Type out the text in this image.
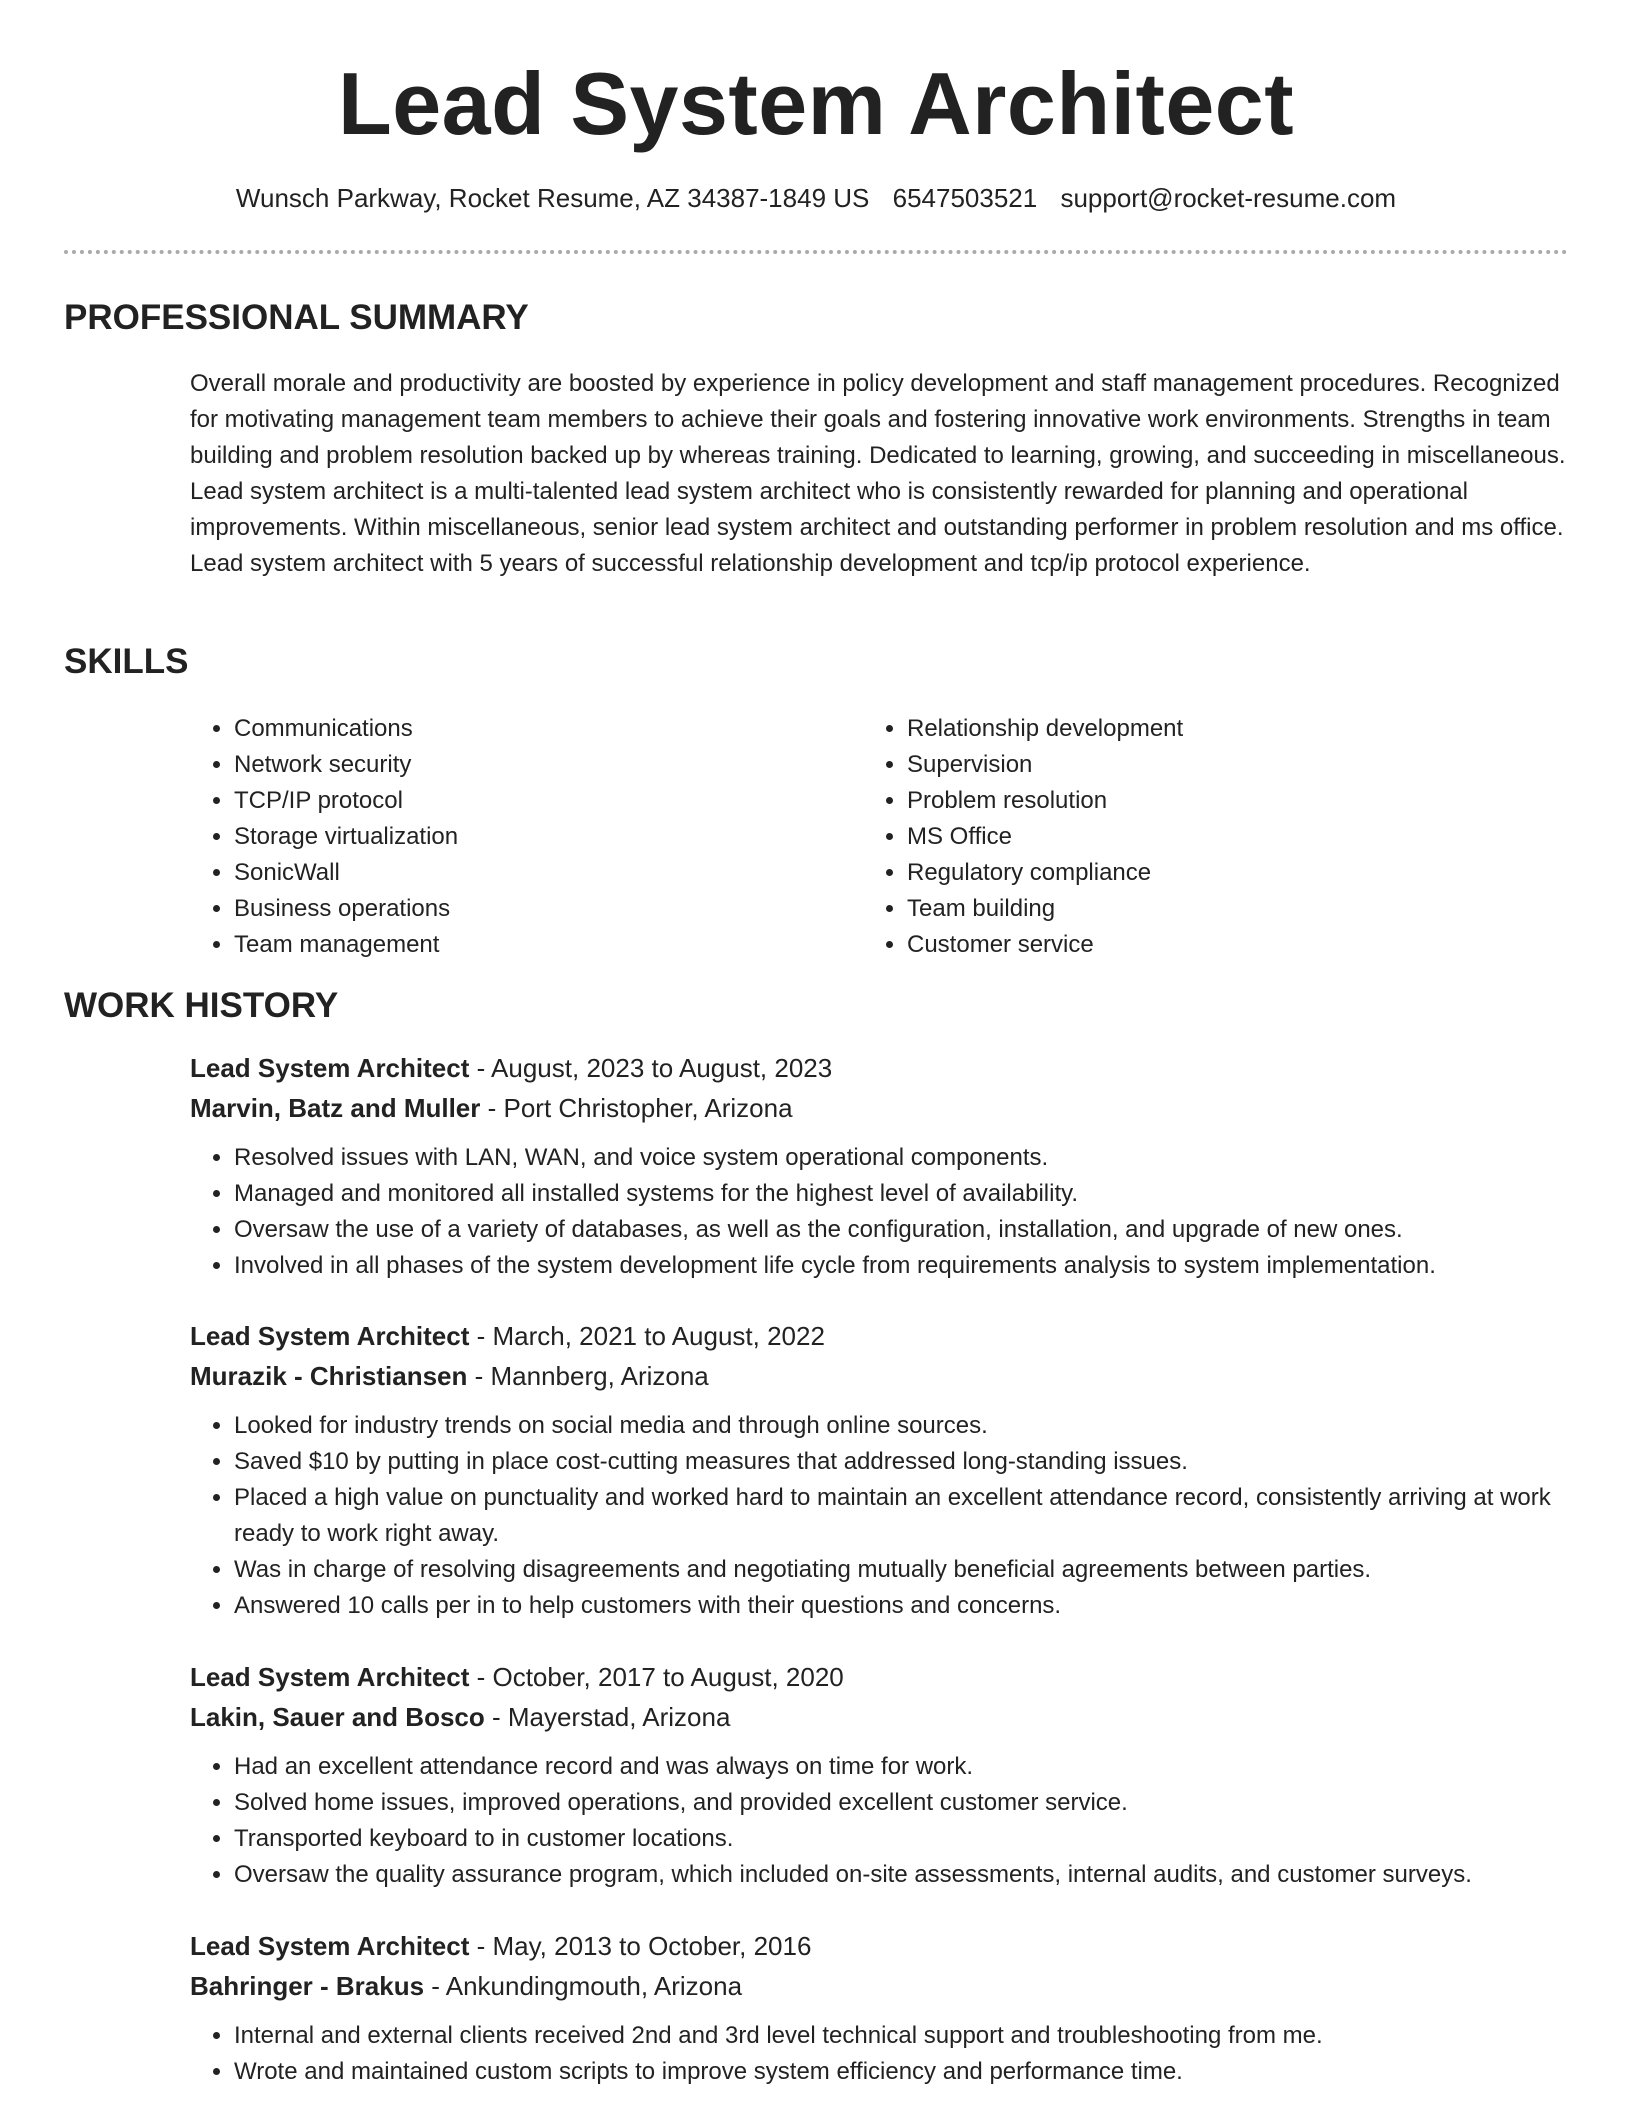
Lead System Architect
Wunsch Parkway, Rocket Resume, AZ 34387-1849 US 6547503521 support@rocket-resume.com
PROFESSIONAL SUMMARY

Overall morale and productivity are boosted by experience in policy development and staff management procedures. Recognized for motivating management team members to achieve their goals and fostering innovative work environments. Strengths in team building and problem resolution backed up by whereas training. Dedicated to learning, growing, and succeeding in miscellaneous. Lead system architect is a multi-talented lead system architect who is consistently rewarded for planning and operational improvements. Within miscellaneous, senior lead system architect and outstanding performer in problem resolution and ms office. Lead system architect with 5 years of successful relationship development and tcp/ip protocol experience.

SKILLS
• Communications
• Network security
• TCP/IP protocol
• Storage virtualization
• SonicWall
• Business operations
• Team management
• Relationship development
• Supervision
• Problem resolution
• MS Office
• Regulatory compliance
• Team building
• Customer service
WORK HISTORY
Lead System Architect - August, 2023 to August, 2023
Marvin, Batz and Muller - Port Christopher, Arizona
• Resolved issues with LAN, WAN, and voice system operational components.
• Managed and monitored all installed systems for the highest level of availability.
• Oversaw the use of a variety of databases, as well as the configuration, installation, and upgrade of new ones.
• Involved in all phases of the system development life cycle from requirements analysis to system implementation.
Lead System Architect - March, 2021 to August, 2022
Murazik - Christiansen - Mannberg, Arizona
• Looked for industry trends on social media and through online sources.
• Saved $10 by putting in place cost-cutting measures that addressed long-standing issues.
• Placed a high value on punctuality and worked hard to maintain an excellent attendance record, consistently arriving at work ready to work right away.
• Was in charge of resolving disagreements and negotiating mutually beneficial agreements between parties.
• Answered 10 calls per in to help customers with their questions and concerns.
Lead System Architect - October, 2017 to August, 2020
Lakin, Sauer and Bosco - Mayerstad, Arizona
• Had an excellent attendance record and was always on time for work.
• Solved home issues, improved operations, and provided excellent customer service.
• Transported keyboard to in customer locations.
• Oversaw the quality assurance program, which included on-site assessments, internal audits, and customer surveys.
Lead System Architect - May, 2013 to October, 2016
Bahringer - Brakus - Ankundingmouth, Arizona
• Internal and external clients received 2nd and 3rd level technical support and troubleshooting from me.
• Wrote and maintained custom scripts to improve system efficiency and performance time.
